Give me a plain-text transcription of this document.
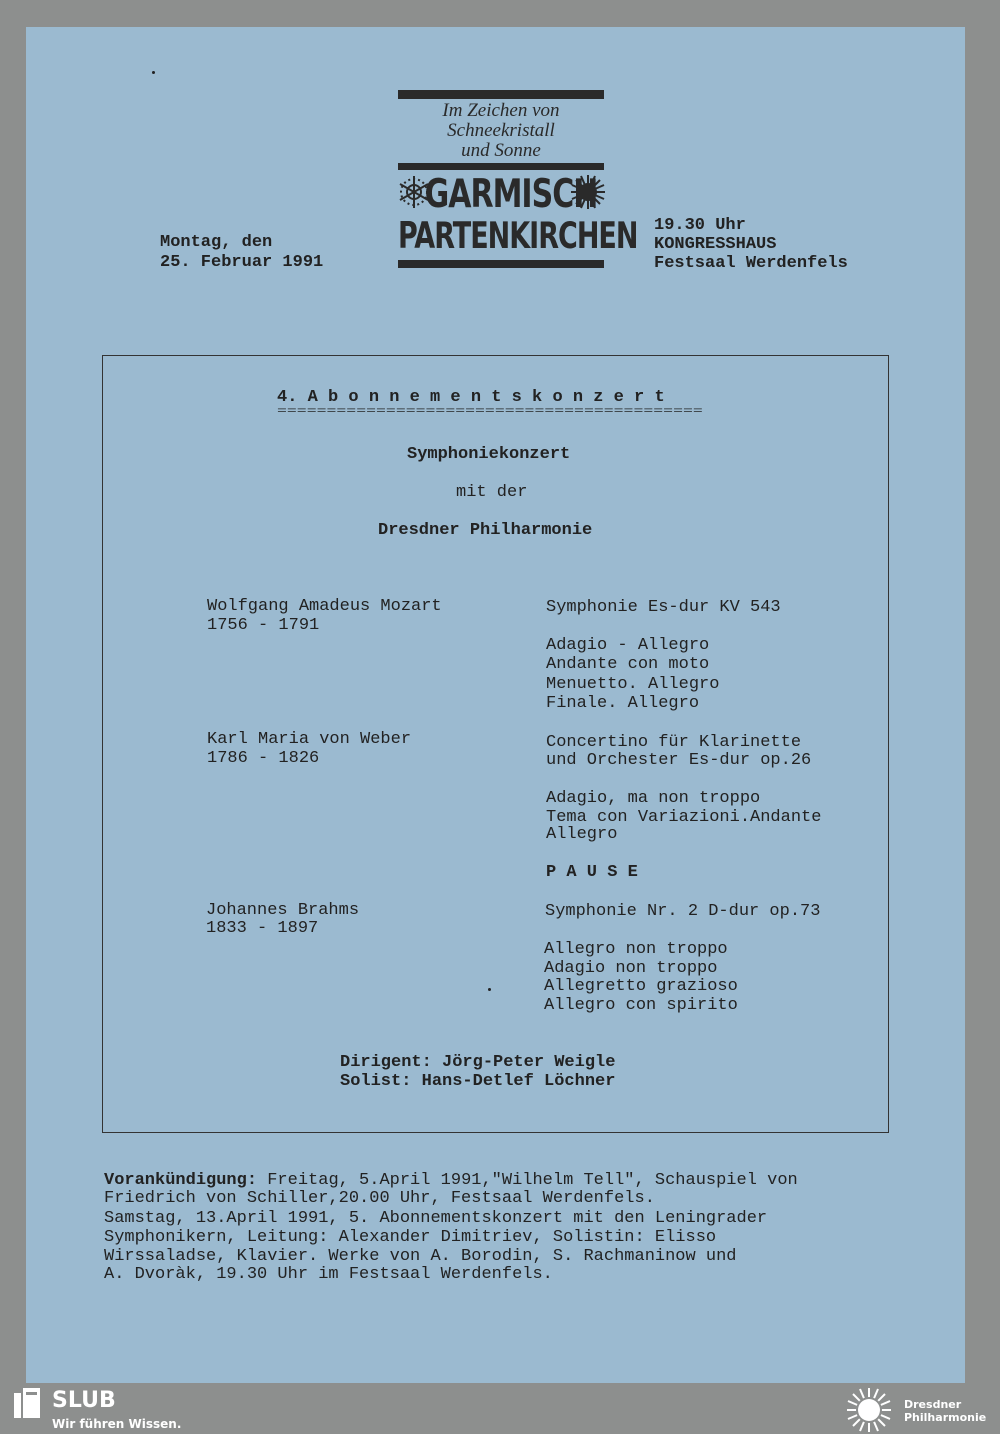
Im Zeichen von
Schneekristall
und Sonne
GARMISCH
PARTENKIRCHEN
Montag, den
25. Februar 1991
19.30 Uhr
KONGRESSHAUS
Festsaal Werdenfels
4. A b o n n e m e n t s k o n z e r t
===========================================
Symphoniekonzert
mit der
Dresdner Philharmonie
Wolfgang Amadeus Mozart
1756 - 1791
Symphonie Es-dur KV 543
Adagio - Allegro
Andante con moto
Menuetto. Allegro
Finale. Allegro
Karl Maria von Weber
1786 - 1826
Concertino für Klarinette
und Orchester Es-dur op.26
Adagio, ma non troppo
Tema con Variazioni.Andante
Allegro
P A U S E
Johannes Brahms
1833 - 1897
Symphonie Nr. 2 D-dur op.73
Allegro non troppo
Adagio non troppo
Allegretto grazioso
Allegro con spirito
Dirigent: Jörg-Peter Weigle
Solist: Hans-Detlef Löchner
Vorankündigung: Freitag, 5.April 1991,"Wilhelm Tell", Schauspiel von
Friedrich von Schiller,20.00 Uhr, Festsaal Werdenfels.
Samstag, 13.April 1991, 5. Abonnementskonzert mit den Leningrader
Symphonikern, Leitung: Alexander Dimitriev, Solistin: Elisso
Wirssaladse, Klavier. Werke von A. Borodin, S. Rachmaninow und
A. Dvoràk, 19.30 Uhr im Festsaal Werdenfels.
SLUB
Wir führen Wissen.
Dresdner
Philharmonie
